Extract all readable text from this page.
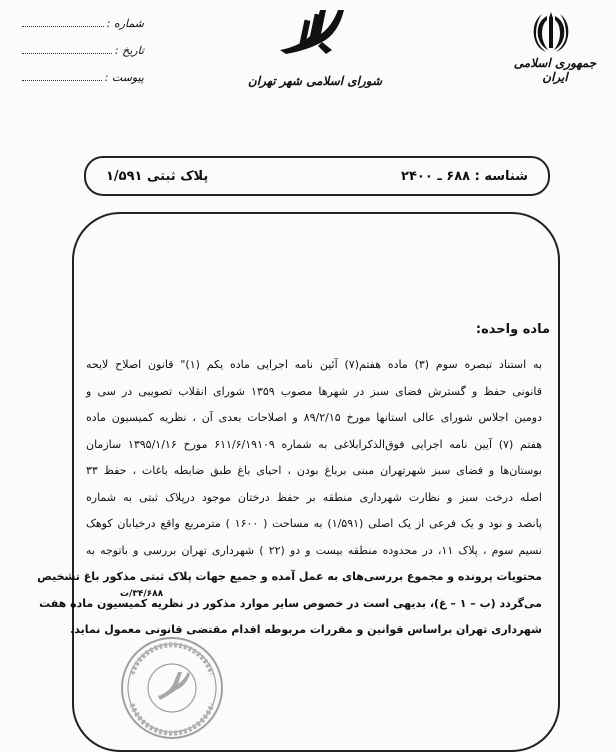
شماره :
تاریخ :
پیوست :	شورای اسلامی شهر تهران
جمهوری اسلامی ایران
شناسه : ۶۸۸ ـ ۲۴۰۰
پلاک ثبتی ۱/۵۹۱
ماده واحده:
به استناد تبصره سوم (۳) ماده هفتم(۷) آئین نامه اجرایی ماده یکم (۱)" قانون اصلاح لایحه
قانونی حفظ و گسترش فضای سبز در شهرها مصوب ۱۳۵۹ شورای انقلاب تصویبی در سی و
دومین اجلاس شورای عالی استانها مورخ ۸۹/۲/۱۵ و اصلاحات بعدی آن ، نظریه کمیسیون ماده
هفتم (۷) آیین نامه اجرایی فوق‌الذکرابلاغی به شماره ۶۱۱/۶/۱۹۱۰۹ مورخ ۱۳۹۵/۱/۱۶ سازمان
بوستان‌ها و فضای سبز شهرتهران مبنی برباغ بودن ، احیای باغ طبق ضابطه باغات ، حفظ ۳۳
اصله درخت سبز و نظارت شهرداری منطقه بر حفظ درختان موجود درپلاک ثبتی به شماره
پانصد و نود و یک فرعی از یک اصلی (۱/۵۹۱) به مساحت ( ۱۶۰۰ ) مترمربع واقع درخیابان کوهک
نسیم سوم ، پلاک ۱۱، در محدوده منطقه بیست و دو (۲۲ ) شهرداری تهران بررسی و باتوجه به
محتویات پرونده و مجموع بررسی‌های به عمل آمده و جمیع جهات پلاک ثبتی مذکور باغ تشخیص
می‌گردد (ب – ۱ – غ)، بدیهی است در خصوص سایر موارد مذکور در نظریه کمیسیون ماده هفت
شهرداری تهران براساس قوانین و مقررات مربوطه اقدام مقتضی قانونی معمول نماید.
۳۴/۶۸۸/ت
